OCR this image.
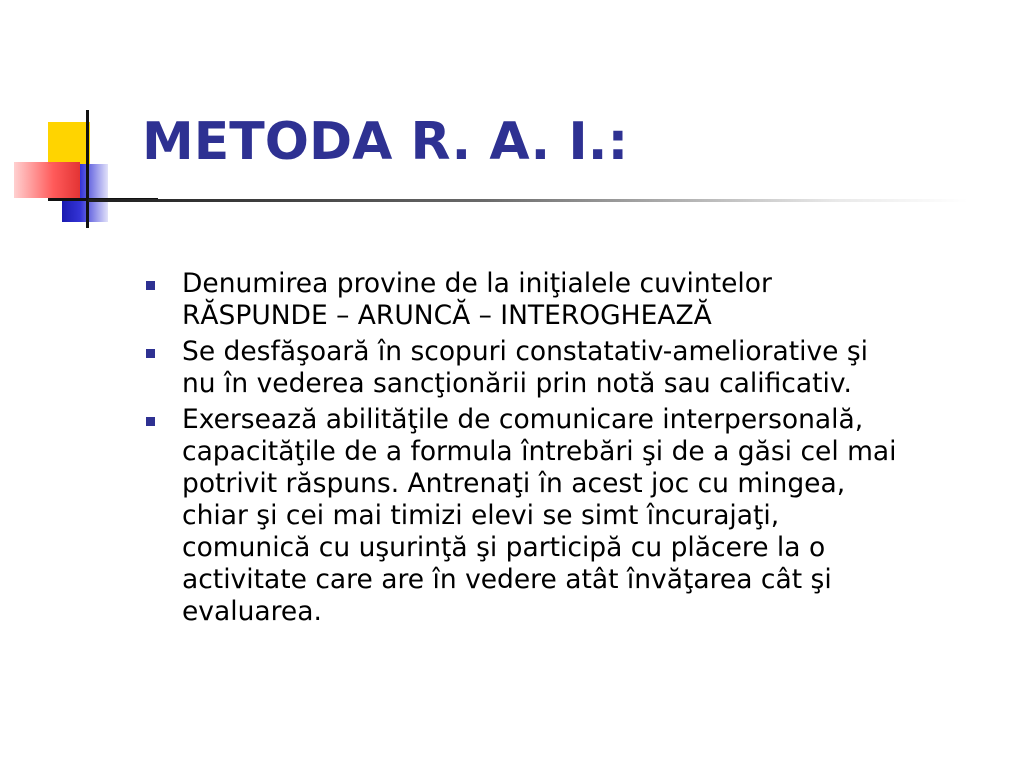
METODA R. A. I.:
Denumirea provine de la iniţialele cuvintelor
RĂSPUNDE – ARUNCĂ – INTEROGHEAZĂ
Se desfăşoară în scopuri constatativ-ameliorative şi
nu în vederea sancţionării prin notă sau calificativ.
Exersează abilităţile de comunicare interpersonală,
capacităţile de a formula întrebări şi de a găsi cel mai
potrivit răspuns. Antrenaţi în acest joc cu mingea,
chiar şi cei mai timizi elevi se simt încurajaţi,
comunică cu uşurinţă şi participă cu plăcere la o
activitate care are în vedere atât învăţarea cât şi
evaluarea.
